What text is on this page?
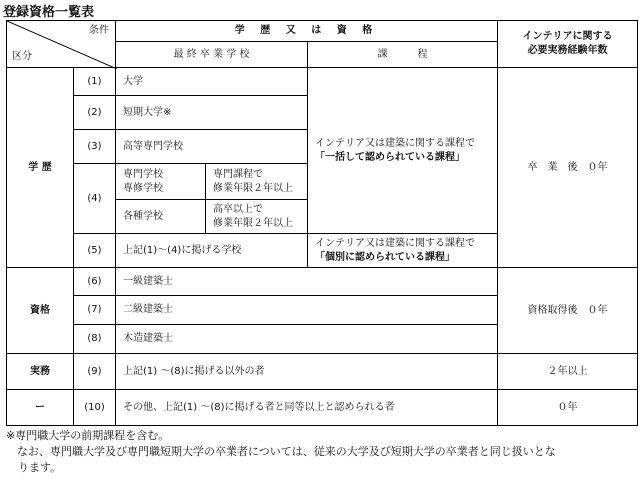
登録資格一覧表
条件
区分
学 歴 又 は 資 格
インテリアに関する
必要実務経験年数
最 終 卒 業 学 校	課　　　程
学 歴
資格
実務
ー
(1)
(2)
(3)
(4)
(5)
(6)
(7)
(8)
(9)
(10)
大学
短期大学※
高等専門学校
専門学校
専修学校
専門課程で
修業年限２年以上
各種学校
高卒以上で
修業年限２年以上
上記(1)～(4)に掲げる学校
インテリア又は建築に関する課程で
「一括して認められている課程」
インテリア又は建築に関する課程で
「個別に認められている課程」
一級建築士
二級建築士
木造建築士
上記(1) ～(8)に掲げる以外の者
その他、上記(1) ～(8)に掲げる者と同等以上と認められる者
卒　業　後　０年
資格取得後　０年
２年以上
０年
※専門職大学の前期課程を含む。
　なお、専門職大学及び専門職短期大学の卒業者については、従来の大学及び短期大学の卒業者と同じ扱いとな
ります。
